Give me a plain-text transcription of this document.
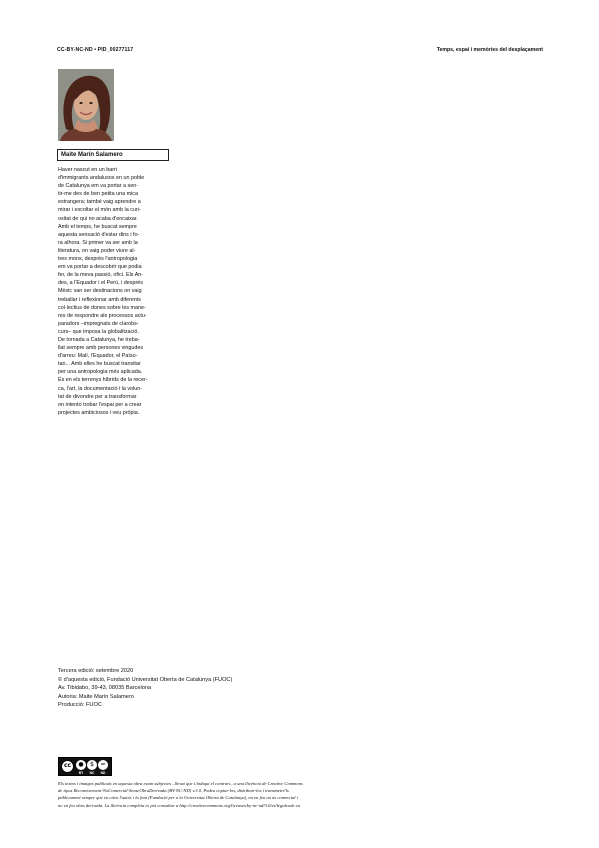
CC-BY-NC-ND • PID_00277117	Temps, espai i memòries del desplaçament
Maite Marín Salamero
Haver nascut en un barri
d'immigrants andalusos en un poble
de Catalunya em va portar a sen-
tir-me des de ben petita una mica
estrangera; també vaig aprendre a
mirar i escoltar el món amb la curi-
ositat de qui no acaba d'encaixar.
Amb el temps, he buscat sempre
aquesta sensació d'estar dins i fo-
ra alhora. Si primer va ser amb la
literatura, on vaig poder viure al-
tres mons, després l'antropologia
em va portar a descobrir que podia
fer, de la meva passió, ofici. Els An-
des, a l'Equador i el Perú, i després
Mèxic van ser destinacions on vaig
treballar i reflexionar amb diferents
col·lectius de dones sobre les mane-
res de respondre als processos actu-
paradors –impregnats de clarobs-
curs– que imposa la globalització.
De tornada a Catalunya, he treba-
llat sempre amb persones vingudes
d'arreu: Malí, l'Equador, el Païso-
tan... Amb elles he buscat transitar
per una antropologia més aplicada.
És en els terrenys híbrids de la recer-
ca, l'art, la documentació i la volun-
tat de divondre per a transformar
on intento trobar l'espai per a crear
projectes ambiciosos i veu pròpia.
Tercera edició: setembre 2020
© d'aquesta edició, Fundació Universitat Oberta de Catalunya (FUOC)
Av. Tibidabo, 39-43, 08035 Barcelona
Autoria: Maite Marín Salamero
Producció: FUOC
cc	●	$	=
BY	NC	ND
Els textos i imatges publicats en aquesta obra estan subjectes –llevat que s'indiqui el contrari– a una llicència de Creative Commons
de tipus Reconeixement-NoComercial-SenseObraDerivada (BY-NC-ND) v.3.0. Podeu copiar-los, distribuir-los i transmetre'ls
públicament sempre que en citeu l'autor i la font (Fundació per a la Universitat Oberta de Catalunya), no en feu un ús comercial i
no en feu obra derivada. La llicència completa es pot consultar a http://creativecommons.org/licenses/by-nc-nd/3.0/es/legalcode.ca
